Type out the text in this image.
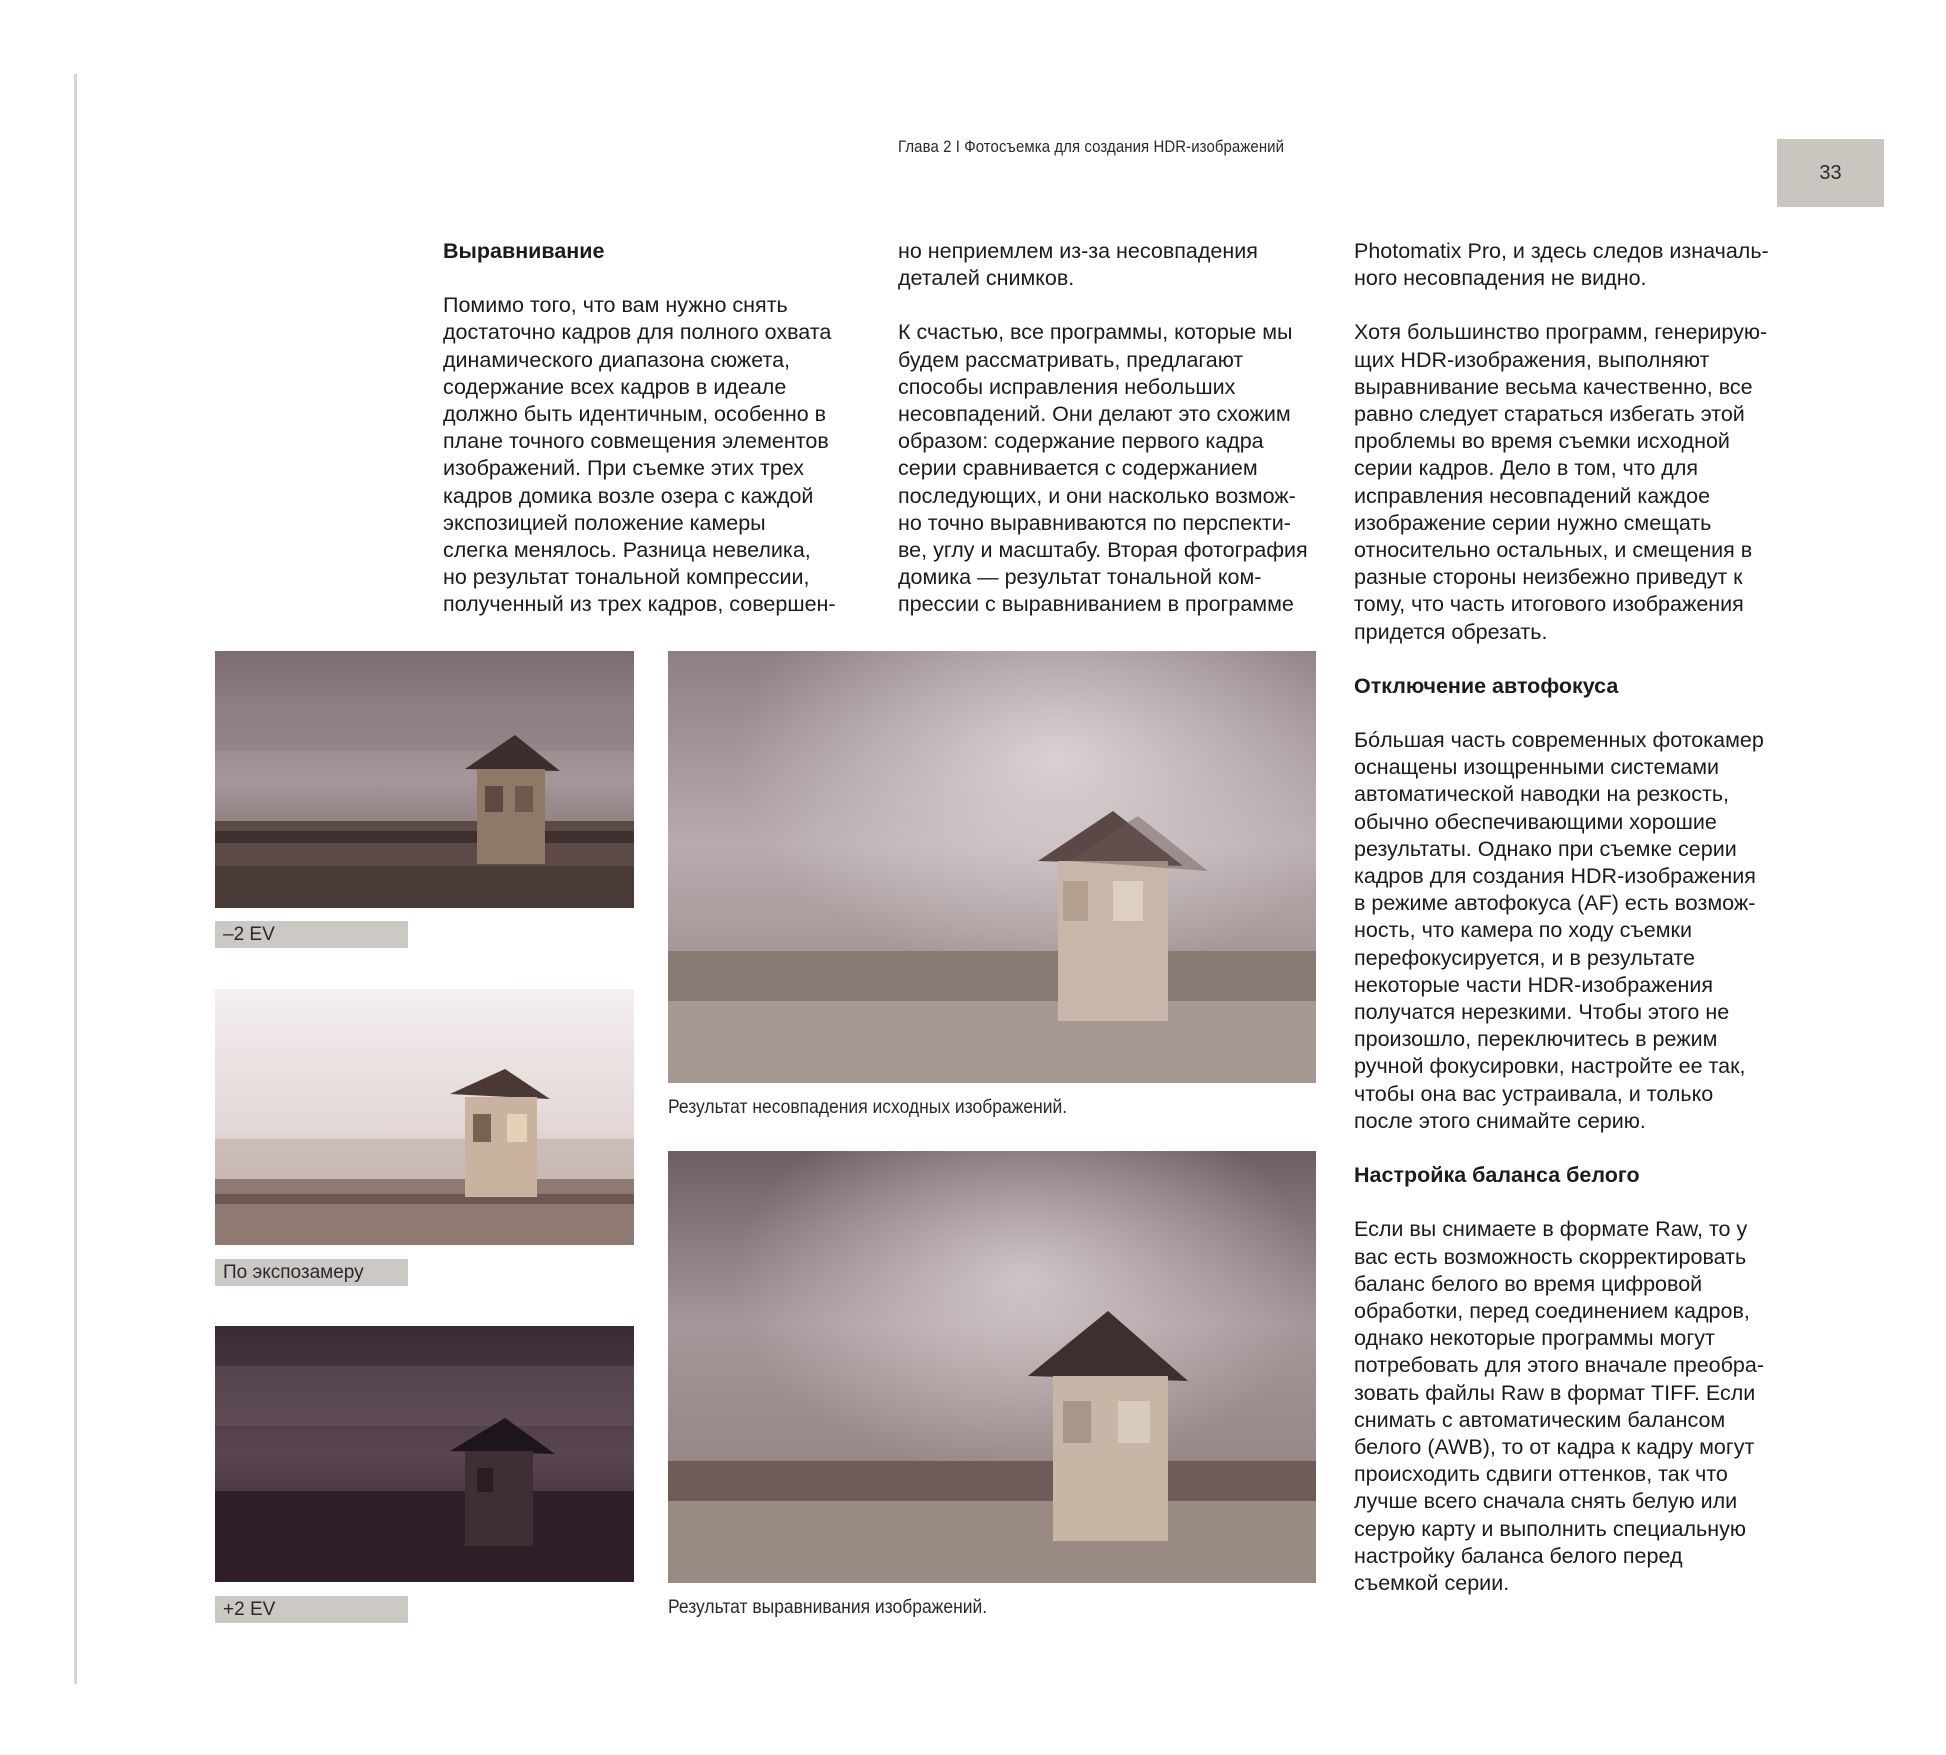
Глава 2 I Фотосъемка для создания HDR-изображений
33
Выравнивание

Помимо того, что вам нужно снять
достаточно кадров для полного охвата
динамического диапазона сюжета,
содержание всех кадров в идеале
должно быть идентичным, особенно в
плане точного совмещения элементов
изображений. При съемке этих трех
кадров домика возле озера с каждой
экспозицией положение камеры
слегка менялось. Разница невелика,
но результат тональной компрессии,
полученный из трех кадров, совершен-

но неприемлем из-за несовпадения
деталей снимков.

К счастью, все программы, которые мы
будем рассматривать, предлагают
способы исправления небольших
несовпадений. Они делают это схожим
образом: содержание первого кадра
серии сравнивается с содержанием
последующих, и они насколько возмож-
но точно выравниваются по перспекти-
ве, углу и масштабу. Вторая фотография
домика — результат тональной ком-
прессии с выравниванием в программе

Photomatix Pro, и здесь следов изначаль-
ного несовпадения не видно.

Хотя большинство программ, генерирую-
щих HDR-изображения, выполняют
выравнивание весьма качественно, все
равно следует стараться избегать этой
проблемы во время съемки исходной
серии кадров. Дело в том, что для
исправления несовпадений каждое
изображение серии нужно смещать
относительно остальных, и смещения в
разные стороны неизбежно приведут к
тому, что часть итогового изображения
придется обрезать.

Отключение автофокуса

Бóльшая часть современных фотокамер
оснащены изощренными системами
автоматической наводки на резкость,
обычно обеспечивающими хорошие
результаты. Однако при съемке серии
кадров для создания HDR-изображения
в режиме автофокуса (AF) есть возмож-
ность, что камера по ходу съемки
перефокусируется, и в результате
некоторые части HDR-изображения
получатся нерезкими. Чтобы этого не
произошло, переключитесь в режим
ручной фокусировки, настройте ее так,
чтобы она вас устраивала, и только
после этого снимайте серию.

Настройка баланса белого

Если вы снимаете в формате Raw, то у
вас есть возможность скорректировать
баланс белого во время цифровой
обработки, перед соединением кадров,
однако некоторые программы могут
потребовать для этого вначале преобра-
зовать файлы Raw в формат TIFF. Если
снимать с автоматическим балансом
белого (AWB), то от кадра к кадру могут
происходить сдвиги оттенков, так что
лучше всего сначала снять белую или
серую карту и выполнить специальную
настройку баланса белого перед
съемкой серии.

–2 EV
По экспозамеру
+2 EV
Результат несовпадения исходных изображений.
Результат выравнивания изображений.
